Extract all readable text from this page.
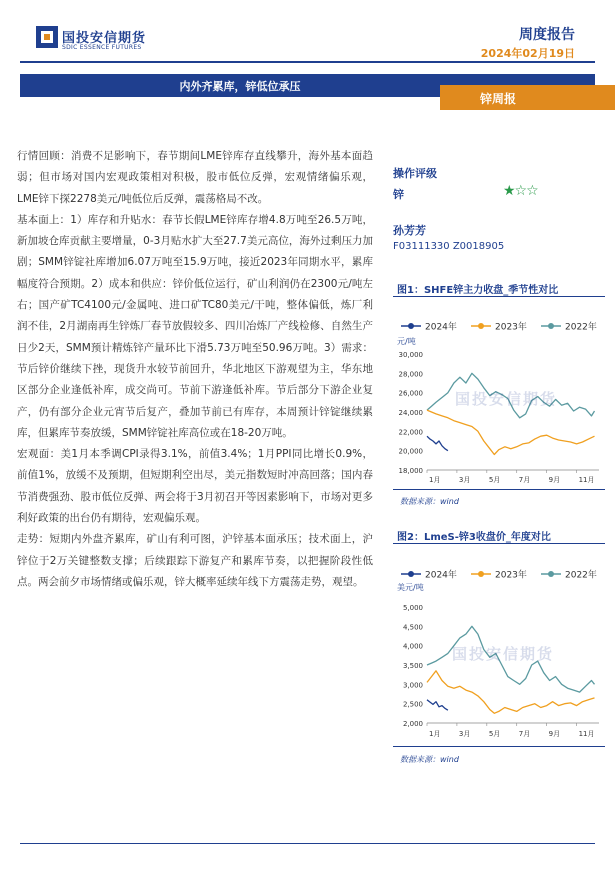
国投安信期货
SDIC ESSENCE FUTURES
周度报告
2024年02月19日
内外齐累库，锌低位承压
锌周报

行情回顾：消费不足影响下，春节期间LME锌库存直线攀升，海外基本面趋弱；但市场对国内宏观政策相对积极，股市低位反弹，宏观情绪偏乐观，LME锌下探2278美元/吨低位后反弹，震荡格局不改。

基本面上：1）库存和升贴水：春节长假LME锌库存增4.8万吨至26.5万吨，新加坡仓库贡献主要增量，0-3月贴水扩大至27.7美元高位，海外过剩压力加剧；SMM锌锭社库增加6.07万吨至15.9万吨，接近2023年同期水平，累库幅度符合预期。2）成本和供应：锌价低位运行，矿山利润仍在2300元/吨左右；国产矿TC4100元/金属吨、进口矿TC80美元/干吨，整体偏低，炼厂利润不佳，2月湖南再生锌炼厂春节放假较多、四川冶炼厂产线检修、自然生产日少2天，SMM预计精炼锌产量环比下滑5.73万吨至50.96万吨。3）需求：节后锌价继续下挫，现货升水较节前回升，华北地区下游观望为主，华东地区部分企业逢低补库，成交尚可。节前下游逢低补库。节后部分下游企业复产，仍有部分企业元宵节后复产，叠加节前已有库存，本周预计锌锭继续累库，但累库节奏放缓，SMM锌锭社库高位或在18-20万吨。

宏观面：美1月本季调CPI录得3.1%，前值3.4%；1月PPI同比增长0.9%，前值1%，放缓不及预期，但短期利空出尽，美元指数短时冲高回落；国内春节消费强劲、股市低位反弹、两会将于3月初召开等因素影响下，市场对更多利好政策的出台仍有期待，宏观偏乐观。

走势：短期内外盘齐累库，矿山有利可图，沪锌基本面承压；技术面上，沪锌位于2万关键整数支撑；后续跟踪下游复产和累库节奏，以把握阶段性低点。两会前夕市场情绪或偏乐观，锌大概率延续年线下方震荡走势，观望。

操作评级
锌	★☆☆
孙芳芳
F03111330 Z0018905
图1：SHFE锌主力收盘_季节性对比
2024年	2023年	2022年
元/吨
30,000
28,000
26,000
24,000
22,000
20,000
18,000
1月	3月	5月	7月	9月	11月
国投安信期货
数据来源：wind
图2：LmeS-锌3收盘价_年度对比
2024年	2023年	2022年
美元/吨
5,000
4,500
4,000
3,500
3,000
2,500
2,000
1月	3月	5月	7月	9月	11月
国投安信期货
数据来源：wind
